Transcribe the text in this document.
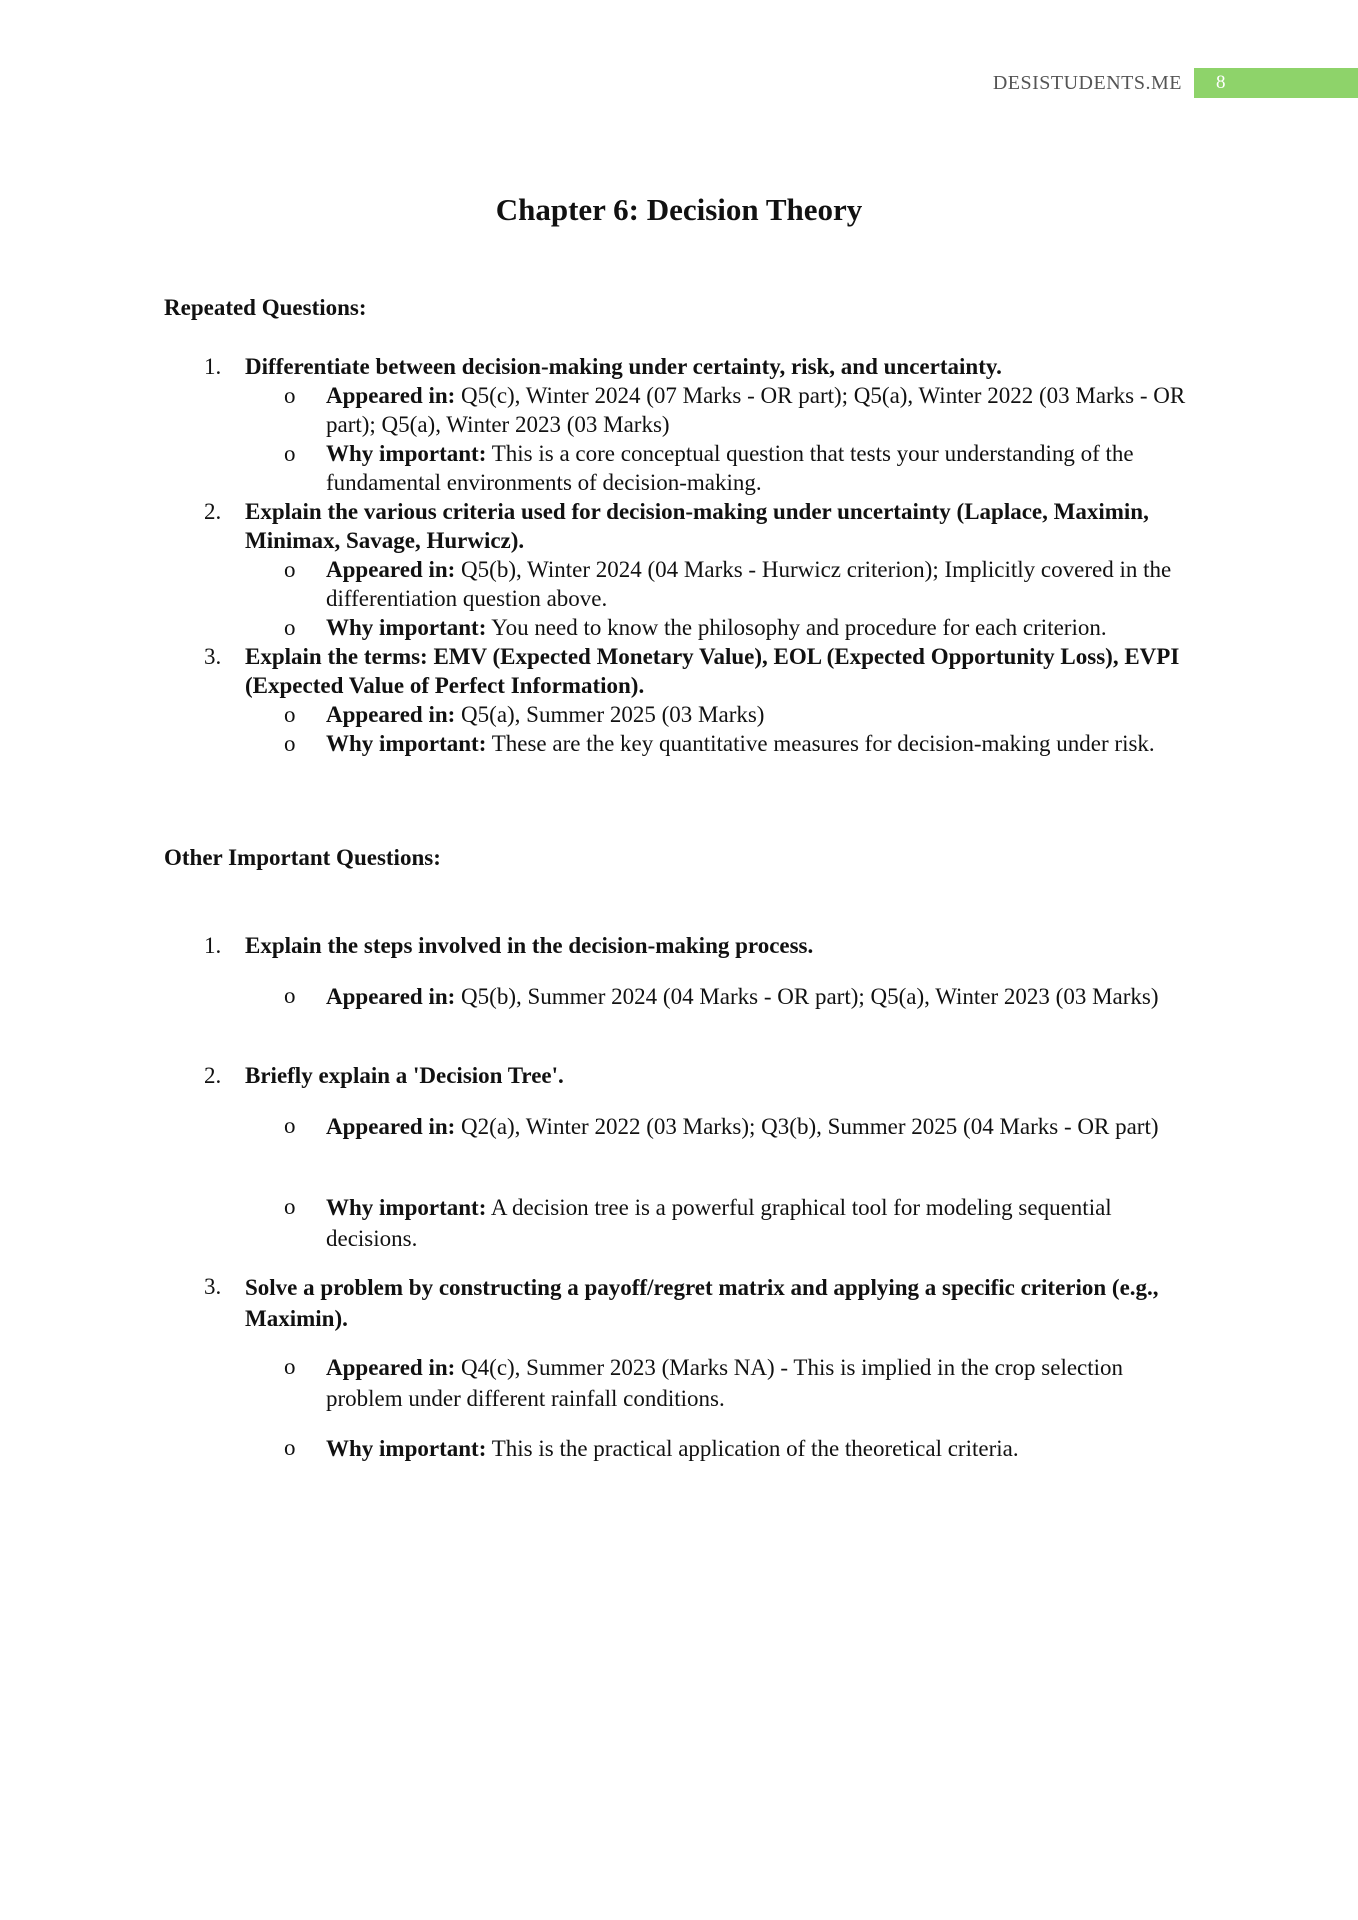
DESISTUDENTS.ME	8
Chapter 6: Decision Theory
Repeated Questions:
1. Differentiate between decision-making under certainty, risk, and uncertainty.
o Appeared in: Q5(c), Winter 2024 (07 Marks - OR part); Q5(a), Winter 2022 (03 Marks - OR part); Q5(a), Winter 2023 (03 Marks)
o Why important: This is a core conceptual question that tests your understanding of the fundamental environments of decision-making.
2. Explain the various criteria used for decision-making under uncertainty (Laplace, Maximin, Minimax, Savage, Hurwicz).
o Appeared in: Q5(b), Winter 2024 (04 Marks - Hurwicz criterion); Implicitly covered in the differentiation question above.
o Why important: You need to know the philosophy and procedure for each criterion.
3. Explain the terms: EMV (Expected Monetary Value), EOL (Expected Opportunity Loss), EVPI (Expected Value of Perfect Information).
o Appeared in: Q5(a), Summer 2025 (03 Marks)
o Why important: These are the key quantitative measures for decision-making under risk.
Other Important Questions:
1. Explain the steps involved in the decision-making process.
o Appeared in: Q5(b), Summer 2024 (04 Marks - OR part); Q5(a), Winter 2023 (03 Marks)
2. Briefly explain a 'Decision Tree'.
o Appeared in: Q2(a), Winter 2022 (03 Marks); Q3(b), Summer 2025 (04 Marks - OR part)
o Why important: A decision tree is a powerful graphical tool for modeling sequential decisions.
3. Solve a problem by constructing a payoff/regret matrix and applying a specific criterion (e.g., Maximin).
o Appeared in: Q4(c), Summer 2023 (Marks NA) - This is implied in the crop selection problem under different rainfall conditions.
o Why important: This is the practical application of the theoretical criteria.
